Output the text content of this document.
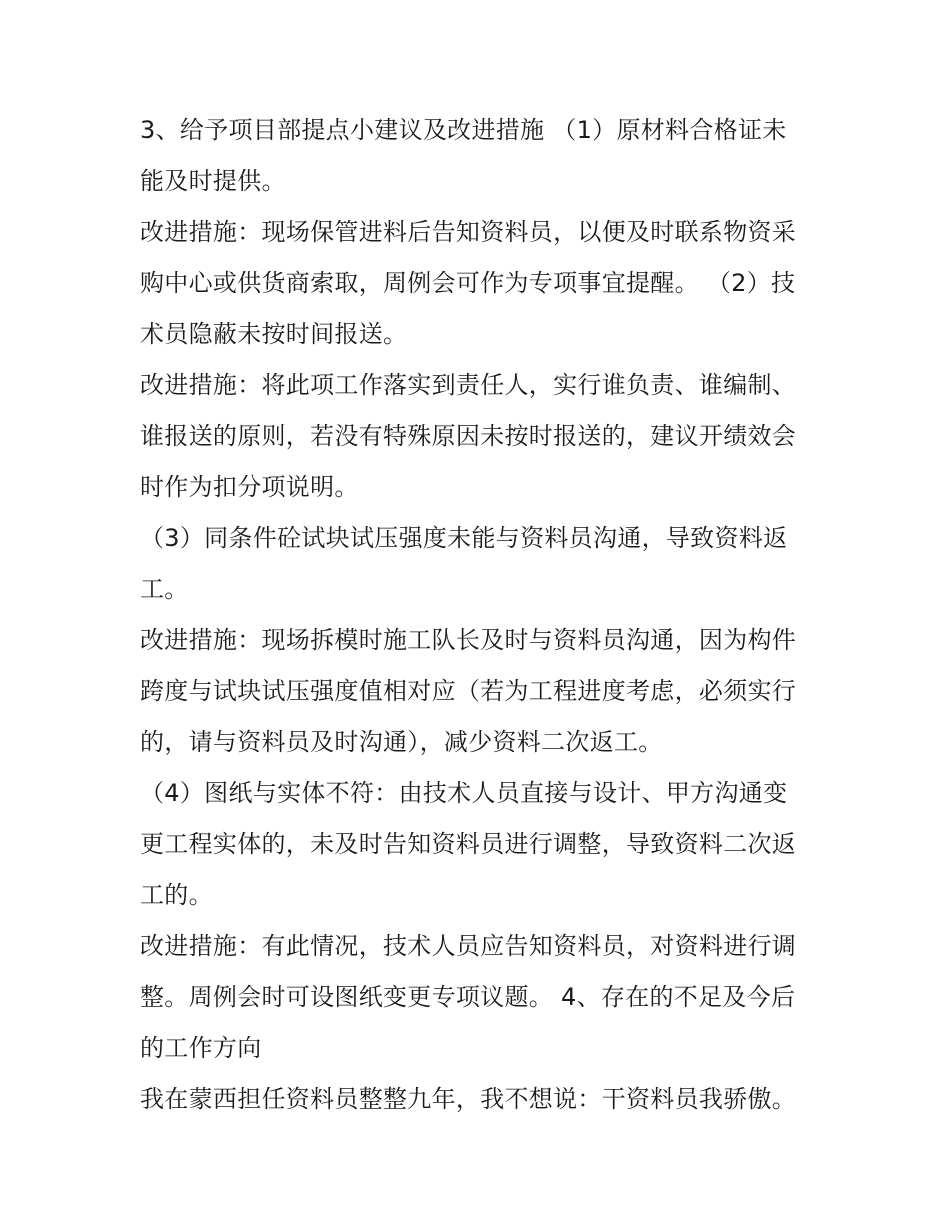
3、给予项目部提点小建议及改进措施 （1）原材料合格证未
能及时提供。
改进措施：现场保管进料后告知资料员，以便及时联系物资采
购中心或供货商索取，周例会可作为专项事宜提醒。 （2）技
术员隐蔽未按时间报送。
改进措施：将此项工作落实到责任人，实行谁负责、谁编制、
谁报送的原则，若没有特殊原因未按时报送的，建议开绩效会
时作为扣分项说明。
（3）同条件砼试块试压强度未能与资料员沟通，导致资料返
工。
改进措施：现场拆模时施工队长及时与资料员沟通，因为构件
跨度与试块试压强度值相对应（若为工程进度考虑，必须实行
的，请与资料员及时沟通），减少资料二次返工。
（4）图纸与实体不符：由技术人员直接与设计、甲方沟通变
更工程实体的，未及时告知资料员进行调整，导致资料二次返
工的。
改进措施：有此情况，技术人员应告知资料员，对资料进行调
整。周例会时可设图纸变更专项议题。 4、存在的不足及今后
的工作方向
我在蒙西担任资料员整整九年，我不想说：干资料员我骄傲。
